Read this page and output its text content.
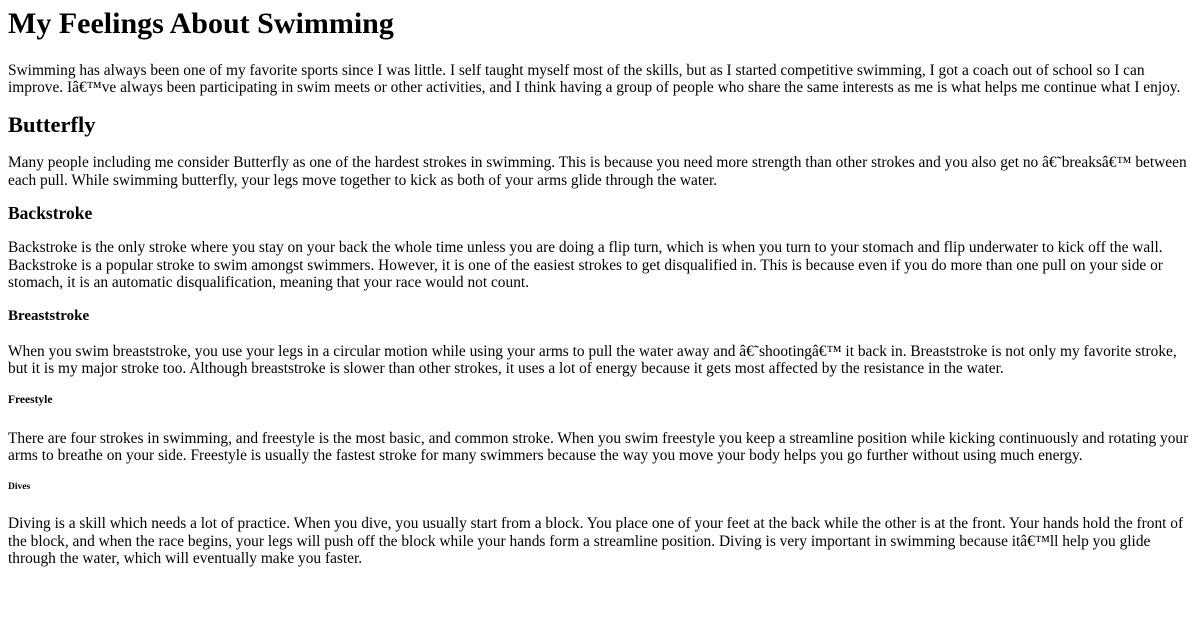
My Feelings About Swimming

Swimming has always been one of my favorite sports since I was little. I self taught myself most of the skills, but as I started competitive swimming, I got a coach out of school so I can improve. Iâ€™ve always been participating in swim meets or other activities, and I think having a group of people who share the same interests as me is what helps me continue what I enjoy.

Butterfly

Many people including me consider Butterfly as one of the hardest strokes in swimming. This is because you need more strength than other strokes and you also get no â€˜breaksâ€™ between each pull. While swimming butterfly, your legs move together to kick as both of your arms glide through the water.

Backstroke

Backstroke is the only stroke where you stay on your back the whole time unless you are doing a flip turn, which is when you turn to your stomach and flip underwater to kick off the wall. Backstroke is a popular stroke to swim amongst swimmers. However, it is one of the easiest strokes to get disqualified in. This is because even if you do more than one pull on your side or stomach, it is an automatic disqualification, meaning that your race would not count.

Breaststroke

When you swim breaststroke, you use your legs in a circular motion while using your arms to pull the water away and â€˜shootingâ€™ it back in. Breaststroke is not only my favorite stroke, but it is my major stroke too. Although breaststroke is slower than other strokes, it uses a lot of energy because it gets most affected by the resistance in the water.

Freestyle

There are four strokes in swimming, and freestyle is the most basic, and common stroke. When you swim freestyle you keep a streamline position while kicking continuously and rotating your arms to breathe on your side. Freestyle is usually the fastest stroke for many swimmers because the way you move your body helps you go further without using much energy.

Dives

Diving is a skill which needs a lot of practice. When you dive, you usually start from a block. You place one of your feet at the back while the other is at the front. Your hands hold the front of the block, and when the race begins, your legs will push off the block while your hands form a streamline position. Diving is very important in swimming because itâ€™ll help you glide through the water, which will eventually make you faster.
